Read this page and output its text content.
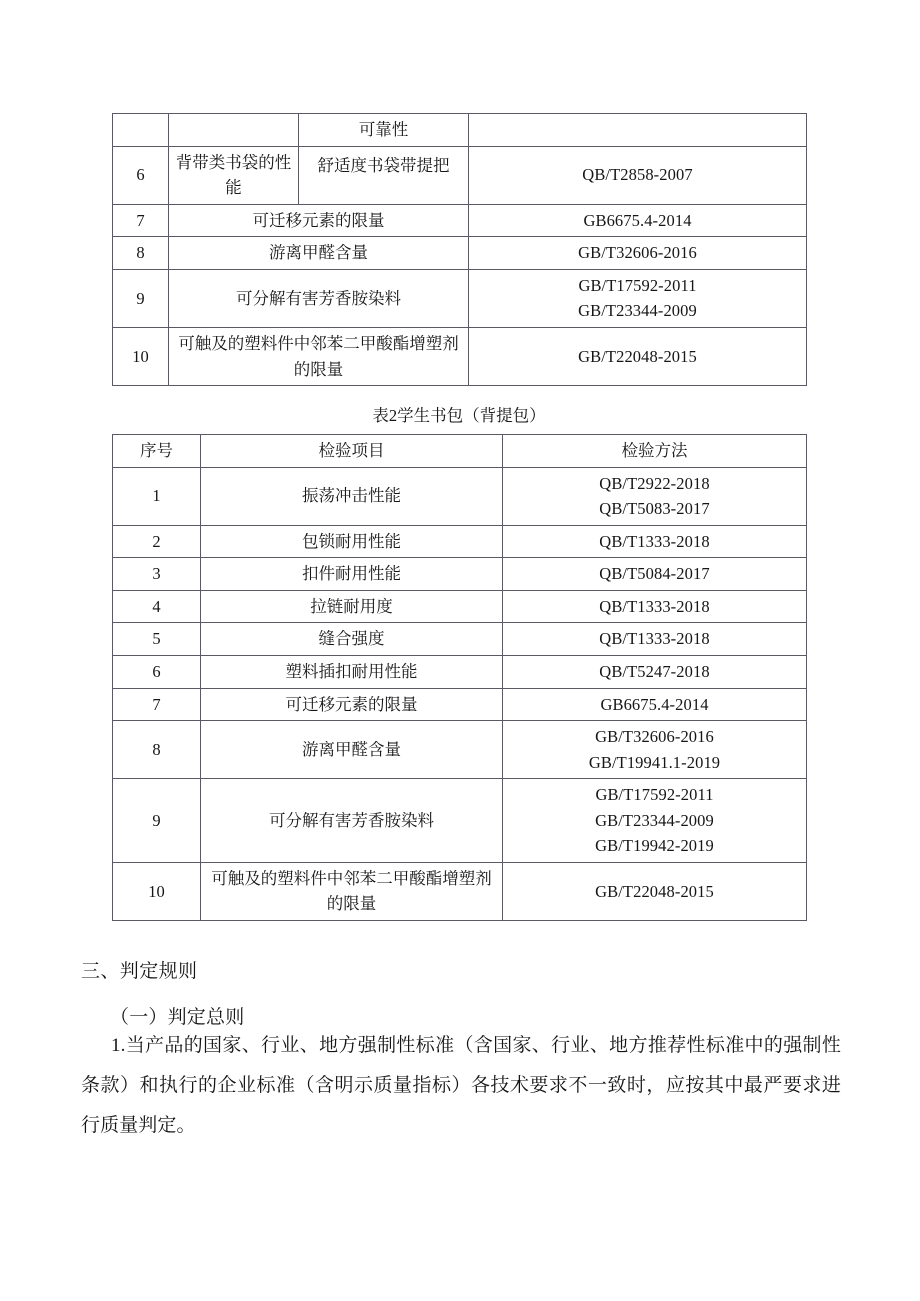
		可靠性	
6	背带类书袋的性能	舒适度书袋带提把	QB/T2858-2007

7	可迁移元素的限量		GB6675.4-2014

8	游离甲醛含量		GB/T32606-2016

9	可分解有害芳香胺染料		GB/T17592-2011
GB/T23344-2009

10	可触及的塑料件中邻苯二甲酸酯增塑剂的限量		GB/T22048-2015
表2学生书包（背提包）
序号	检验项目	检验方法
1	振荡冲击性能	QB/T2922-2018
QB/T5083-2017

2	包锁耐用性能	QB/T1333-2018

3	扣件耐用性能	QB/T5084-2017

4	拉链耐用度	QB/T1333-2018

5	缝合强度	QB/T1333-2018

6	塑料插扣耐用性能	QB/T5247-2018

7	可迁移元素的限量	GB6675.4-2014

8	游离甲醛含量	GB/T32606-2016
GB/T19941.1-2019

9	可分解有害芳香胺染料	GB/T17592-2011
GB/T23344-2009
GB/T19942-2019

10	可触及的塑料件中邻苯二甲酸酯增塑剂的限量	GB/T22048-2015
三、判定规则
（一）判定总则
1.当产品的国家、行业、地方强制性标准（含国家、行业、地方推荐性标准中的强制性条款）和执行的企业标准（含明示质量指标）各技术要求不一致时，应按其中最严要求进行质量判定。
